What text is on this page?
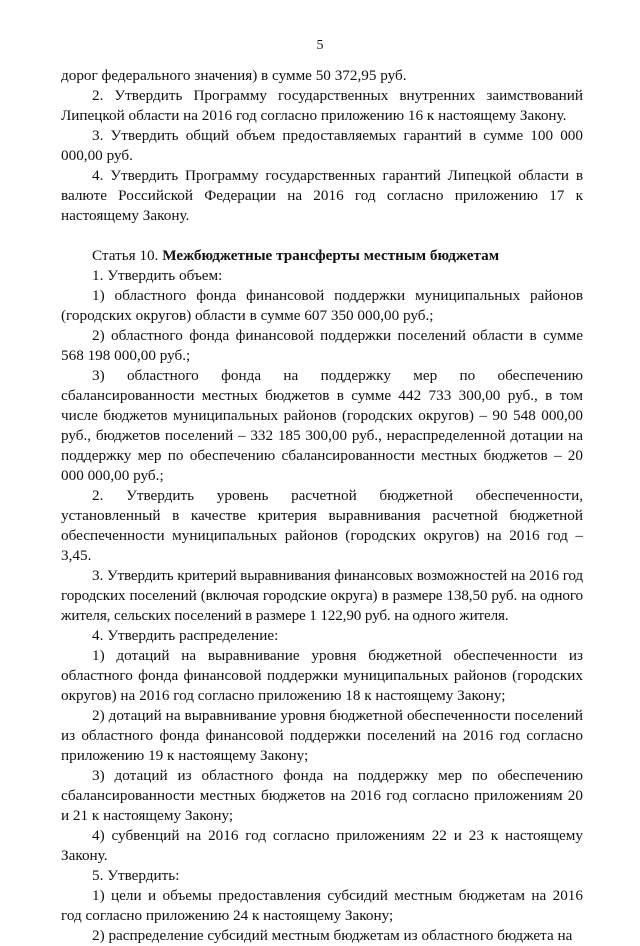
5

дорог федерального значения) в сумме 50 372,95 руб.

2. Утвердить Программу государственных внутренних заимствований Липецкой области на 2016 год согласно приложению 16 к настоящему Закону.

3. Утвердить общий объем предоставляемых гарантий в сумме 100 000 000,00 руб.

4. Утвердить Программу государственных гарантий Липецкой области в валюте Российской Федерации на 2016 год согласно приложению 17 к настоящему Закону.

Статья 10. Межбюджетные трансферты местным бюджетам

1. Утвердить объем:

1) областного фонда финансовой поддержки муниципальных районов (городских округов) области в сумме 607 350 000,00 руб.;

2) областного фонда финансовой поддержки поселений области в сумме 568 198 000,00 руб.;

3) областного фонда на поддержку мер по обеспечению сбалансированности местных бюджетов в сумме 442 733 300,00 руб., в том числе бюджетов муниципальных районов (городских округов) – 90 548 000,00 руб., бюджетов поселений – 332 185 300,00 руб., нераспределенной дотации на поддержку мер по обеспечению сбалансированности местных бюджетов – 20 000 000,00 руб.;

2. Утвердить уровень расчетной бюджетной обеспеченности, установленный в качестве критерия выравнивания расчетной бюджетной обеспеченности муниципальных районов (городских округов) на 2016 год – 3,45.

3. Утвердить критерий выравнивания финансовых возможностей на 2016 год городских поселений (включая городские округа) в размере 138,50 руб. на одного жителя, сельских поселений в размере 1 122,90 руб. на одного жителя.

4. Утвердить распределение:

1) дотаций на выравнивание уровня бюджетной обеспеченности из областного фонда финансовой поддержки муниципальных районов (городских округов) на 2016 год согласно приложению 18 к настоящему Закону;

2) дотаций на выравнивание уровня бюджетной обеспеченности поселений из областного фонда финансовой поддержки поселений на 2016 год согласно приложению 19 к настоящему Закону;

3) дотаций из областного фонда на поддержку мер по обеспечению сбалансированности местных бюджетов на 2016 год согласно приложениям 20 и 21 к настоящему Закону;

4) субвенций на 2016 год согласно приложениям 22 и 23 к настоящему Закону.

5. Утвердить:

1) цели и объемы предоставления субсидий местным бюджетам на 2016 год согласно приложению 24 к настоящему Закону;

2) распределение субсидий местным бюджетам из областного бюджета на
